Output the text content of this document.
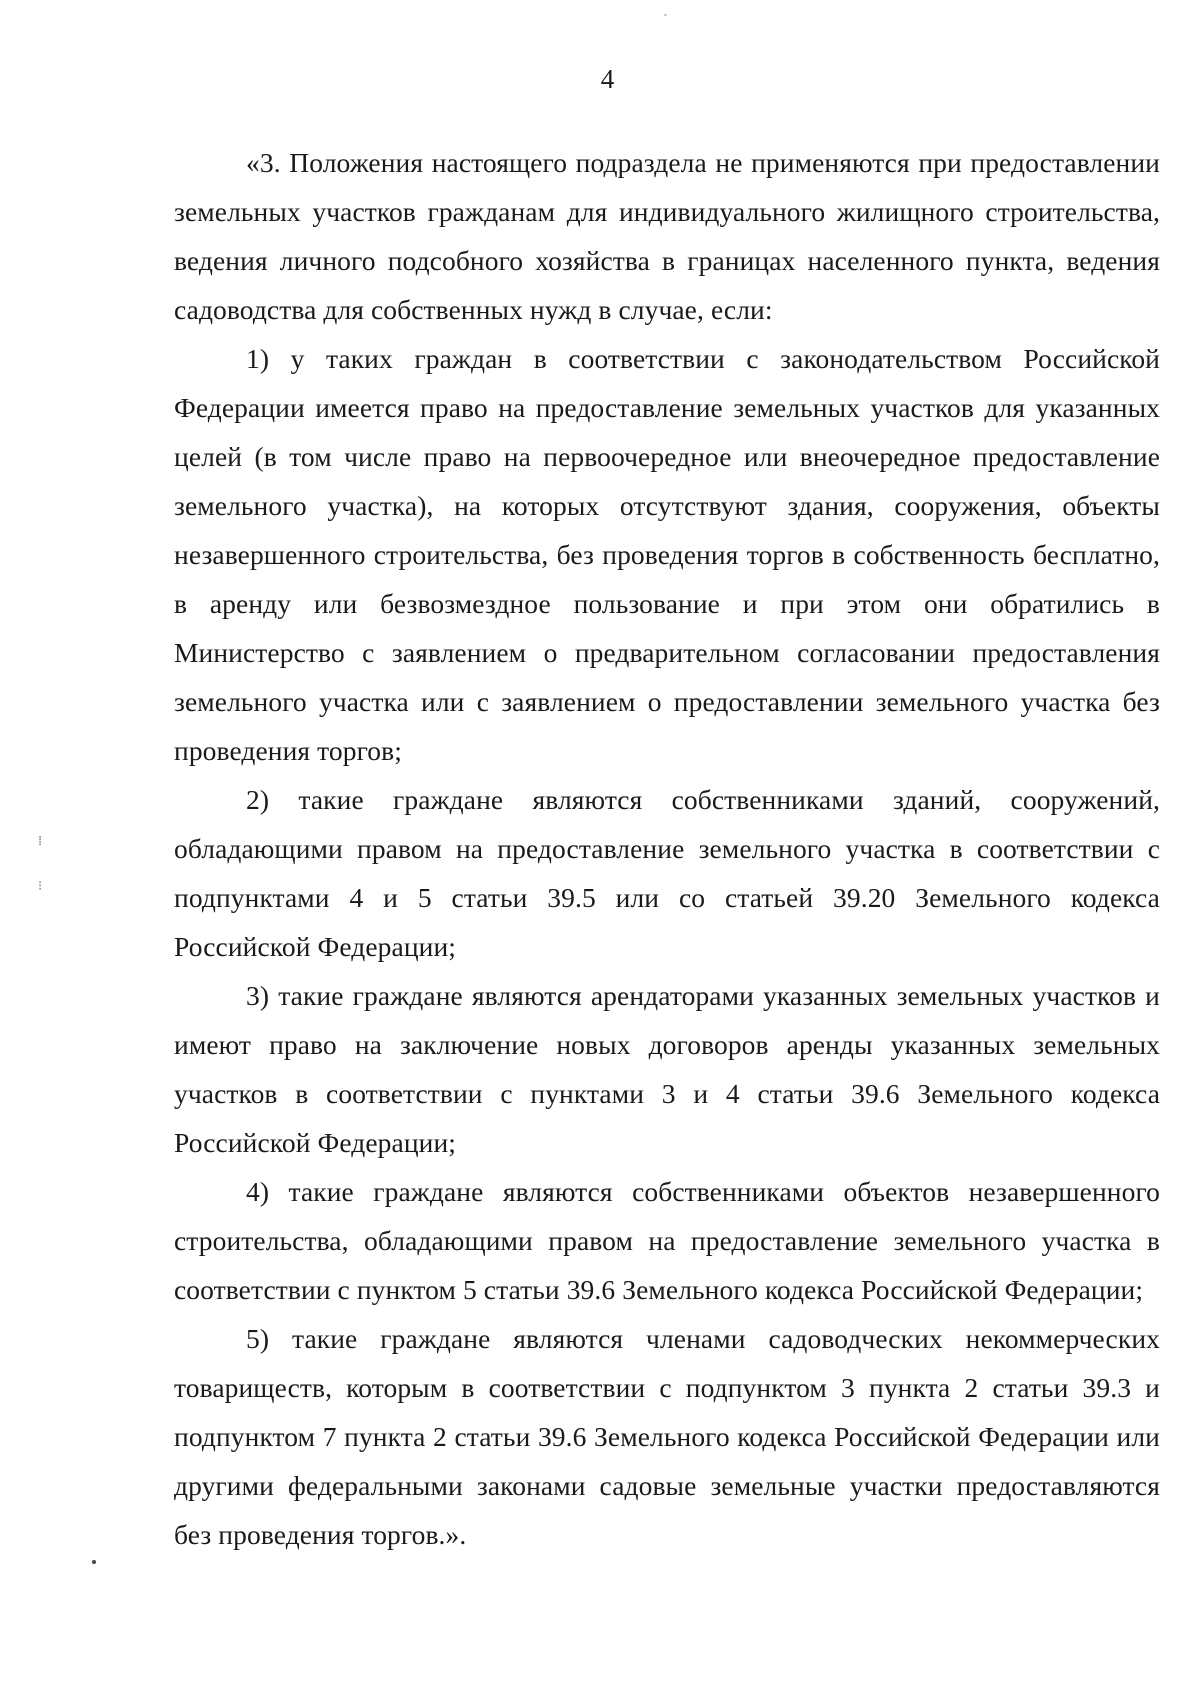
4

«3. Положения настоящего подраздела не применяются при предоставлении земельных участков гражданам для индивидуального жилищного строительства, ведения личного подсобного хозяйства в границах населенного пункта, ведения садоводства для собственных нужд в случае, если:

1) у таких граждан в соответствии с законодательством Российской Федерации имеется право на предоставление земельных участков для указанных целей (в том числе право на первоочередное или внеочередное предоставление земельного участка), на которых отсутствуют здания, сооружения, объекты незавершенного строительства, без проведения торгов в собственность бесплатно, в аренду или безвозмездное пользование и при этом они обратились в Министерство с заявлением о предварительном согласовании предоставления земельного участка или с заявлением о предоставлении земельного участка без проведения торгов;

2) такие граждане являются собственниками зданий, сооружений, обладающими правом на предоставление земельного участка в соответствии с подпунктами 4 и 5 статьи 39.5 или со статьей 39.20 Земельного кодекса Российской Федерации;

3) такие граждане являются арендаторами указанных земельных участков и имеют право на заключение новых договоров аренды указанных земельных участков в соответствии с пунктами 3 и 4 статьи 39.6 Земельного кодекса Российской Федерации;

4) такие граждане являются собственниками объектов незавершенного строительства, обладающими правом на предоставление земельного участка в соответствии с пунктом 5 статьи 39.6 Земельного кодекса Российской Федерации;

5) такие граждане являются членами садоводческих некоммерческих товариществ, которым в соответствии с подпунктом 3 пункта 2 статьи 39.3 и подпунктом 7 пункта 2 статьи 39.6 Земельного кодекса Российской Федерации или другими федеральными законами садовые земельные участки предоставляются без проведения торгов.».

⁞
⁝
